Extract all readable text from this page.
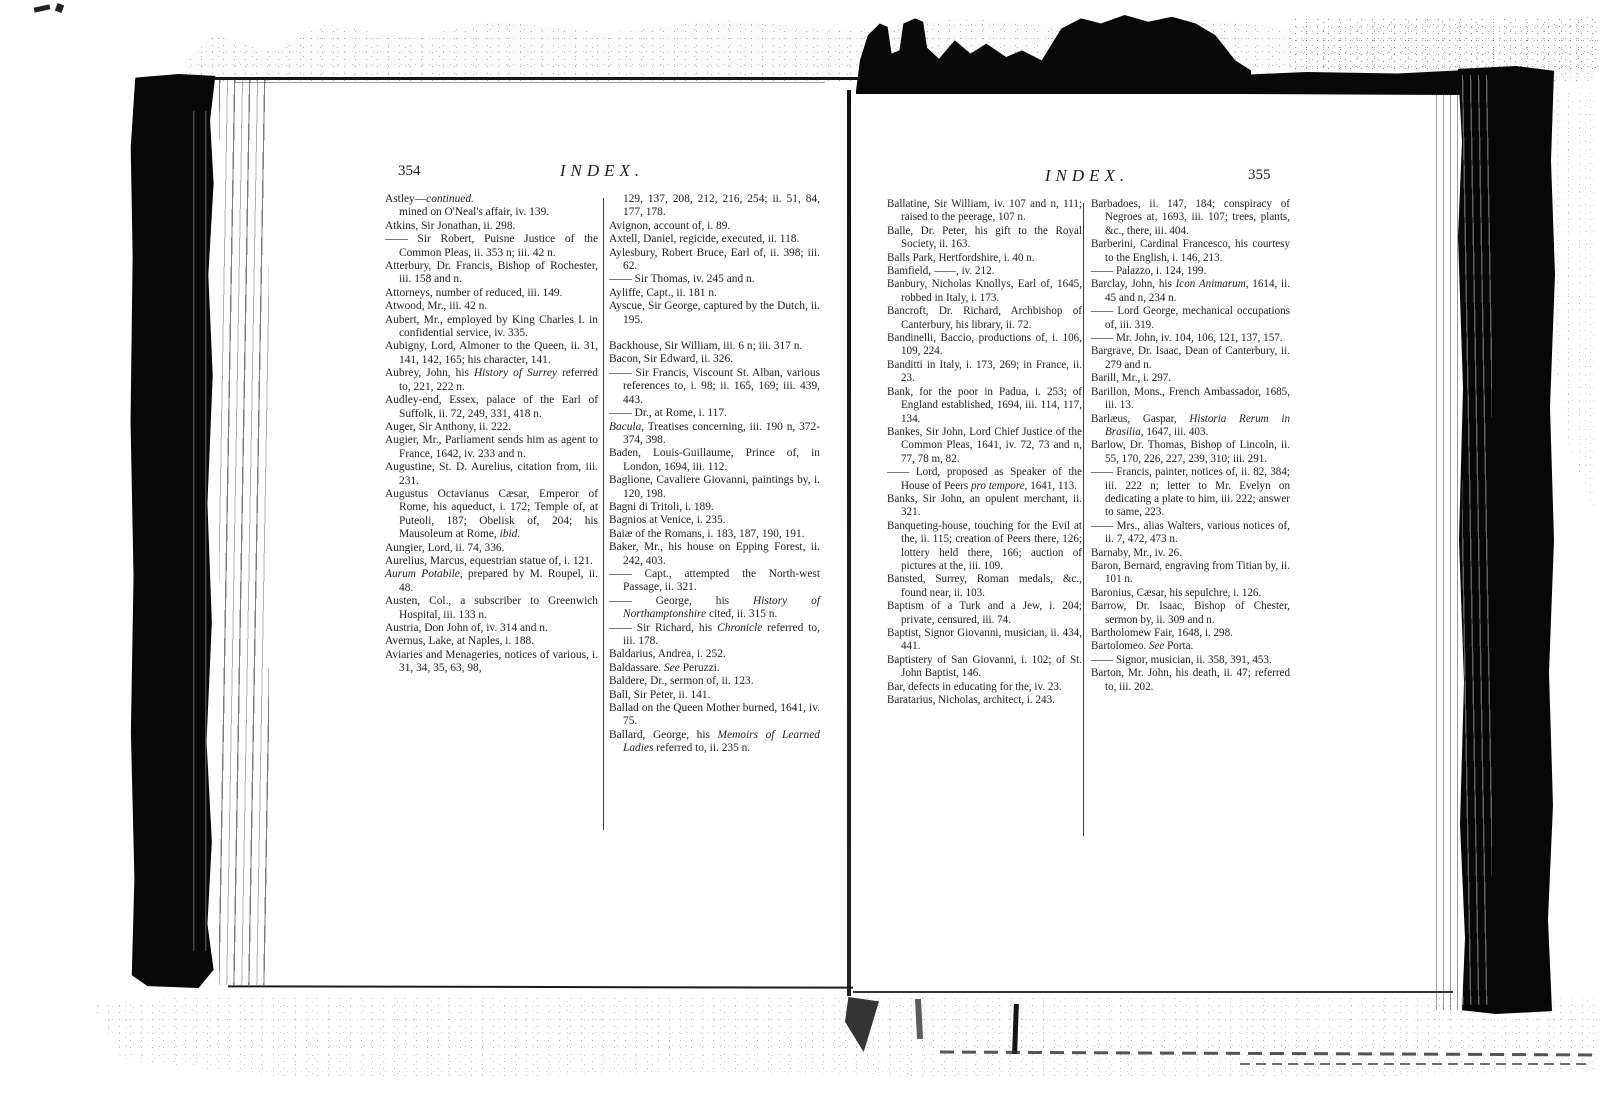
354	INDEX.
Astley—continued.
mined on O'Neal's affair, iv. 139.
Atkins, Sir Jonathan, ii. 298.
—— Sir Robert, Puisne Justice of the Common Pleas, ii. 353 n; iii. 42 n.
Atterbury, Dr. Francis, Bishop of Rochester, iii. 158 and n.
Attorneys, number of reduced, iii. 149.
Atwood, Mr., iii. 42 n.
Aubert, Mr., employed by King Charles I. in confidential service, iv. 335.
Aubigny, Lord, Almoner to the Queen, ii. 31, 141, 142, 165; his character, 141.
Aubrey, John, his History of Surrey referred to, 221, 222 n.
Audley-end, Essex, palace of the Earl of Suffolk, ii. 72, 249, 331, 418 n.
Auger, Sir Anthony, ii. 222.
Augier, Mr., Parliament sends him as agent to France, 1642, iv. 233 and n.
Augustine, St. D. Aurelius, citation from, iii. 231.
Augustus Octavianus Cæsar, Emperor of Rome, his aqueduct, i. 172; Temple of, at Puteoli, 187; Obelisk of, 204; his Mausoleum at Rome, ibid.
Aungier, Lord, ii. 74, 336.
Aurelius, Marcus, equestrian statue of, i. 121.
Aurum Potabile, prepared by M. Roupel, ii. 48.
Austen, Col., a subscriber to Greenwich Hospital, iii. 133 n.
Austria, Don John of, iv. 314 and n.
Avernus, Lake, at Naples, i. 188.
Aviaries and Menageries, notices of various, i. 31, 34, 35, 63, 98,
129, 137, 208, 212, 216, 254; ii. 51, 84, 177, 178.
Avignon, account of, i. 89.
Axtell, Daniel, regicide, executed, ii. 118.
Aylesbury, Robert Bruce, Earl of, ii. 398; iii. 62.
—— Sir Thomas, iv. 245 and n.
Ayliffe, Capt., ii. 181 n.
Ayscue, Sir George, captured by the Dutch, ii. 195.
Backhouse, Sir William, iii. 6 n; iii. 317 n.
Bacon, Sir Edward, ii. 326.
—— Sir Francis, Viscount St. Alban, various references to, i. 98; ii. 165, 169; iii. 439, 443.
—— Dr., at Rome, i. 117.
Bacula, Treatises concerning, iii. 190 n, 372-374, 398.
Baden, Louis-Guillaume, Prince of, in London, 1694, iii. 112.
Baglione, Cavaliere Giovanni, paintings by, i. 120, 198.
Bagni di Tritoli, i. 189.
Bagnios at Venice, i. 235.
Baiæ of the Romans, i. 183, 187, 190, 191.
Baker, Mr., his house on Epping Forest, ii. 242, 403.
—— Capt., attempted the North-west Passage, ii. 321.
—— George, his History of Northamptonshire cited, ii. 315 n.
—— Sir Richard, his Chronicle referred to, iii. 178.
Baldarius, Andrea, i. 252.
Baldassare. See Peruzzi.
Baldere, Dr., sermon of, ii. 123.
Ball, Sir Peter, ii. 141.
Ballad on the Queen Mother burned, 1641, iv. 75.
Ballard, George, his Memoirs of Learned Ladies referred to, ii. 235 n.
INDEX.	355
Ballatine, Sir William, iv. 107 and n, 111; raised to the peerage, 107 n.
Balle, Dr. Peter, his gift to the Royal Society, ii. 163.
Balls Park, Hertfordshire, i. 40 n.
Bamfield, ——, iv. 212.
Banbury, Nicholas Knollys, Earl of, 1645, robbed in Italy, i. 173.
Bancroft, Dr. Richard, Archbishop of Canterbury, his library, ii. 72.
Bandinelli, Baccio, productions of, i. 106, 109, 224.
Banditti in Italy, i. 173, 269; in France, ii. 23.
Bank, for the poor in Padua, i. 253; of England established, 1694, iii. 114, 117, 134.
Bankes, Sir John, Lord Chief Justice of the Common Pleas, 1641, iv. 72, 73 and n, 77, 78 m, 82.
—— Lord, proposed as Speaker of the House of Peers pro tempore, 1641, 113.
Banks, Sir John, an opulent merchant, ii. 321.
Banqueting-house, touching for the Evil at the, ii. 115; creation of Peers there, 126; lottery held there, 166; auction of pictures at the, iii. 109.
Bansted, Surrey, Roman medals, &c., found near, ii. 103.
Baptism of a Turk and a Jew, i. 204; private, censured, iii. 74.
Baptist, Signor Giovanni, musician, ii. 434, 441.
Baptistery of San Giovanni, i. 102; of St. John Baptist, 146.
Bar, defects in educating for the, iv. 23.
Baratarius, Nicholas, architect, i. 243.
Barbadoes, ii. 147, 184; conspiracy of Negroes at, 1693, iii. 107; trees, plants, &c., there, iii. 404.
Barberini, Cardinal Francesco, his courtesy to the English, i. 146, 213.
—— Palazzo, i. 124, 199.
Barclay, John, his Icon Animarum, 1614, ii. 45 and n, 234 n.
—— Lord George, mechanical occupations of, iii. 319.
—— Mr. John, iv. 104, 106, 121, 137, 157.
Bargrave, Dr. Isaac, Dean of Canterbury, ii. 279 and n.
Barill, Mr., i. 297.
Barillon, Mons., French Ambassador, 1685, iii. 13.
Barlæus, Gaspar, Historia Rerum in Brasilia, 1647, iii. 403.
Barlow, Dr. Thomas, Bishop of Lincoln, ii. 55, 170, 226, 227, 239, 310; iii. 291.
—— Francis, painter, notices of, ii. 82, 384; iii. 222 n; letter to Mr. Evelyn on dedicating a plate to him, iii. 222; answer to same, 223.
—— Mrs., alias Walters, various notices of, ii. 7, 472, 473 n.
Barnaby, Mr., iv. 26.
Baron, Bernard, engraving from Titian by, ii. 101 n.
Baronius, Cæsar, his sepulchre, i. 126.
Barrow, Dr. Isaac, Bishop of Chester, sermon by, ii. 309 and n.
Bartholomew Fair, 1648, i. 298.
Bartolomeo. See Porta.
—— Signor, musician, ii. 358, 391, 453.
Barton, Mr. John, his death, ii. 47; referred to, iii. 202.
